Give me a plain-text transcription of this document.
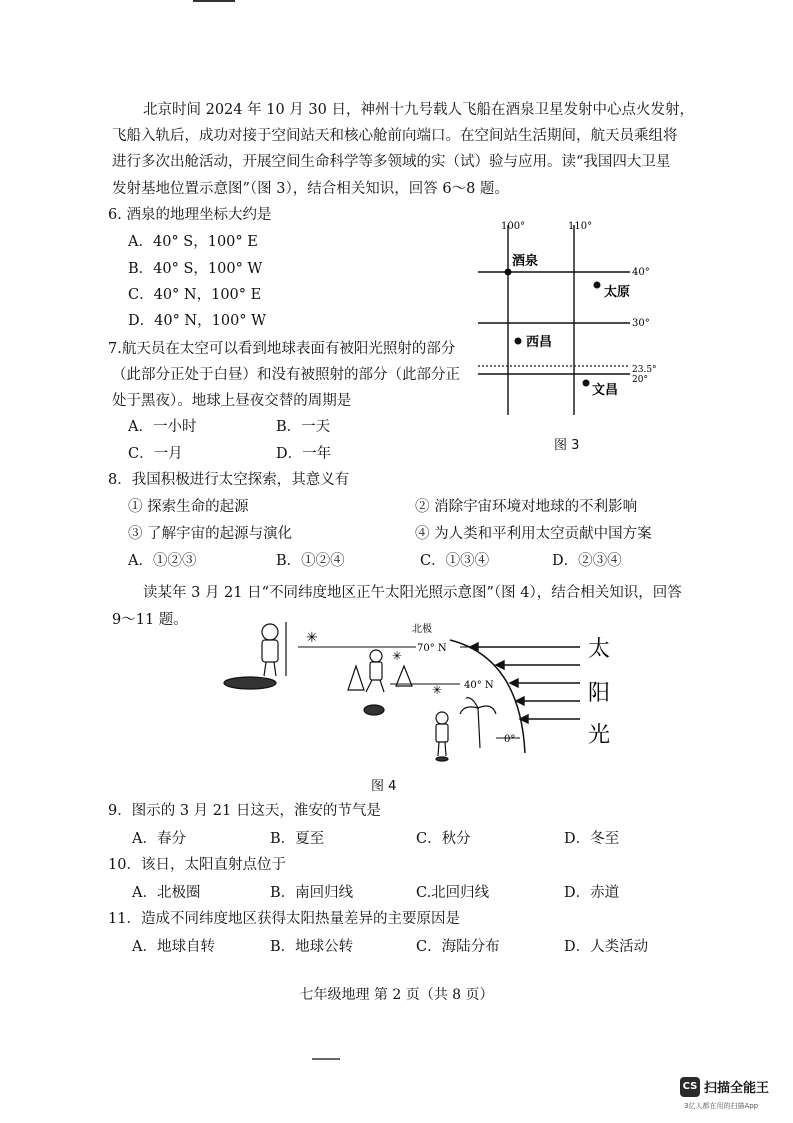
北京时间 2024 年 10 月 30 日，神州十九号载人飞船在酒泉卫星发射中心点火发射，
飞船入轨后，成功对接于空间站天和核心舱前向端口。在空间站生活期间，航天员乘组将
进行多次出舱活动，开展空间生命科学等多领域的实（试）验与应用。读“我国四大卫星
发射基地位置示意图”（图 3），结合相关知识，回答 6～8 题。
6. 酒泉的地理坐标大约是
A．40° S，100° E
B．40° S，100° W
C．40° N，100° E
D．40° N，100° W
7.航天员在太空可以看到地球表面有被阳光照射的部分
（此部分正处于白昼）和没有被照射的部分（此部分正
处于黑夜）。地球上昼夜交替的周期是
A．一小时	B．一天
C．一月	D．一年
100°	110°
40°
30°
23.5°
20°
酒泉
太原
西昌
文昌
图 3
8．我国积极进行太空探索，其意义有
① 探索生命的起源	② 消除宇宙环境对地球的不利影响
③ 了解宇宙的起源与演化	④ 为人类和平利用太空贡献中国方案
A．①②③	B．①②④	C．①③④	D．②③④
读某年 3 月 21 日“不同纬度地区正午太阳光照示意图”（图 4），结合相关知识，回答
9～11 题。
北极
70° N
40° N
0°
太
阳
光
✳
✳
✳
图 4
9．图示的 3 月 21 日这天，淮安的节气是
A．春分	B．夏至	C．秋分	D．冬至
10．该日，太阳直射点位于
A．北极圈	B．南回归线	C.北回归线	D．赤道
11．造成不同纬度地区获得太阳热量差异的主要原因是
A．地球自转	B．地球公转	C．海陆分布	D．人类活动
七年级地理 第 2 页（共 8 页）
CS 扫描全能王
3亿人都在用的扫描App
